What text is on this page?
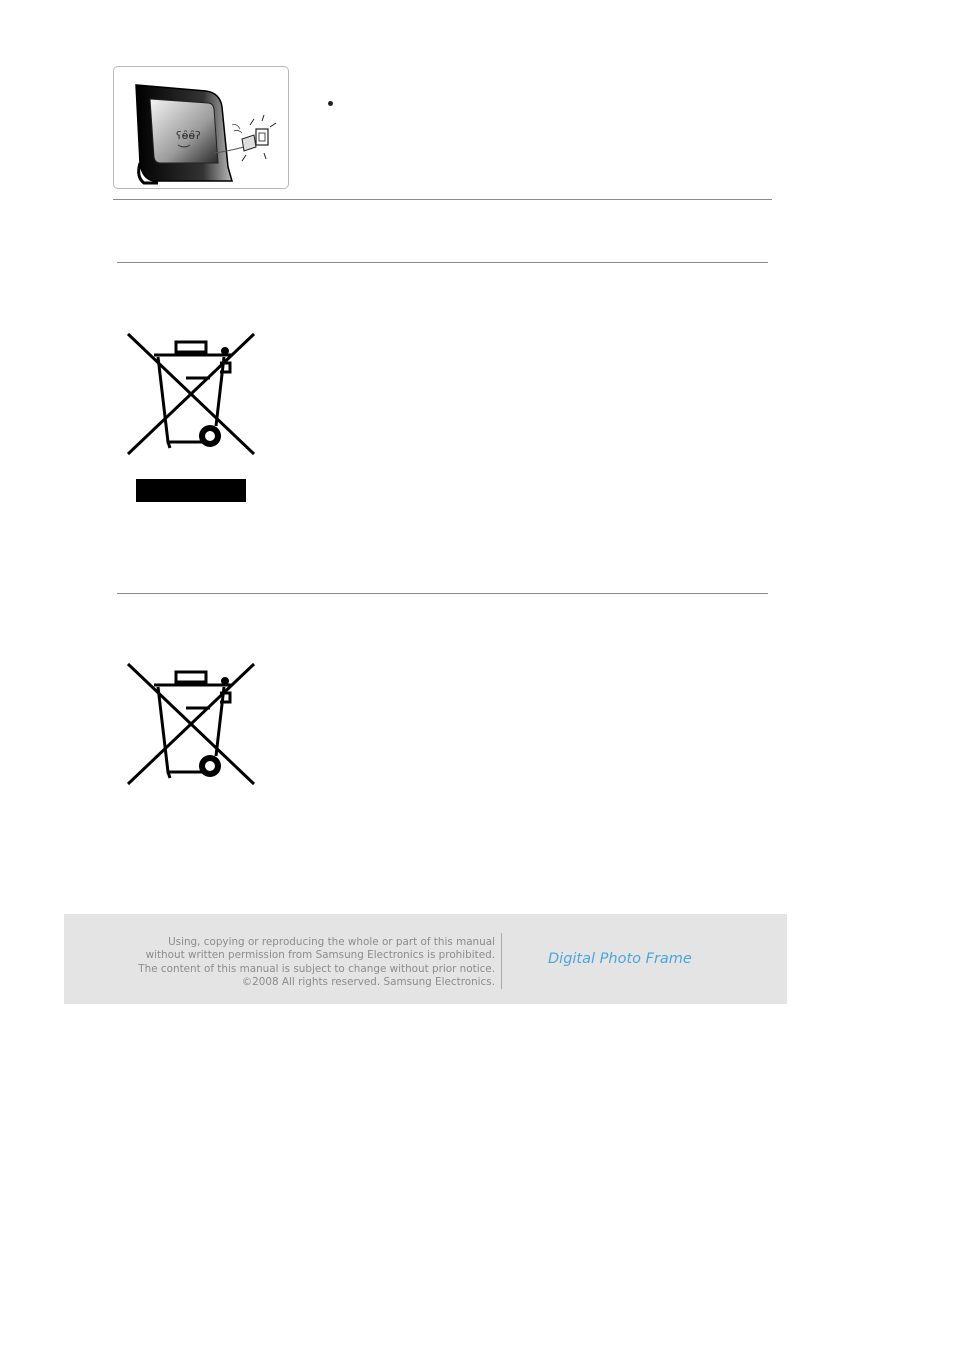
ʕɵ̴̑ɵ̴̑ʔ
Using, copying or reproducing the whole or part of this manual
without written permission from Samsung Electronics is prohibited.
The content of this manual is subject to change without prior notice.
©2008 All rights reserved. Samsung Electronics.
Digital Photo Frame
